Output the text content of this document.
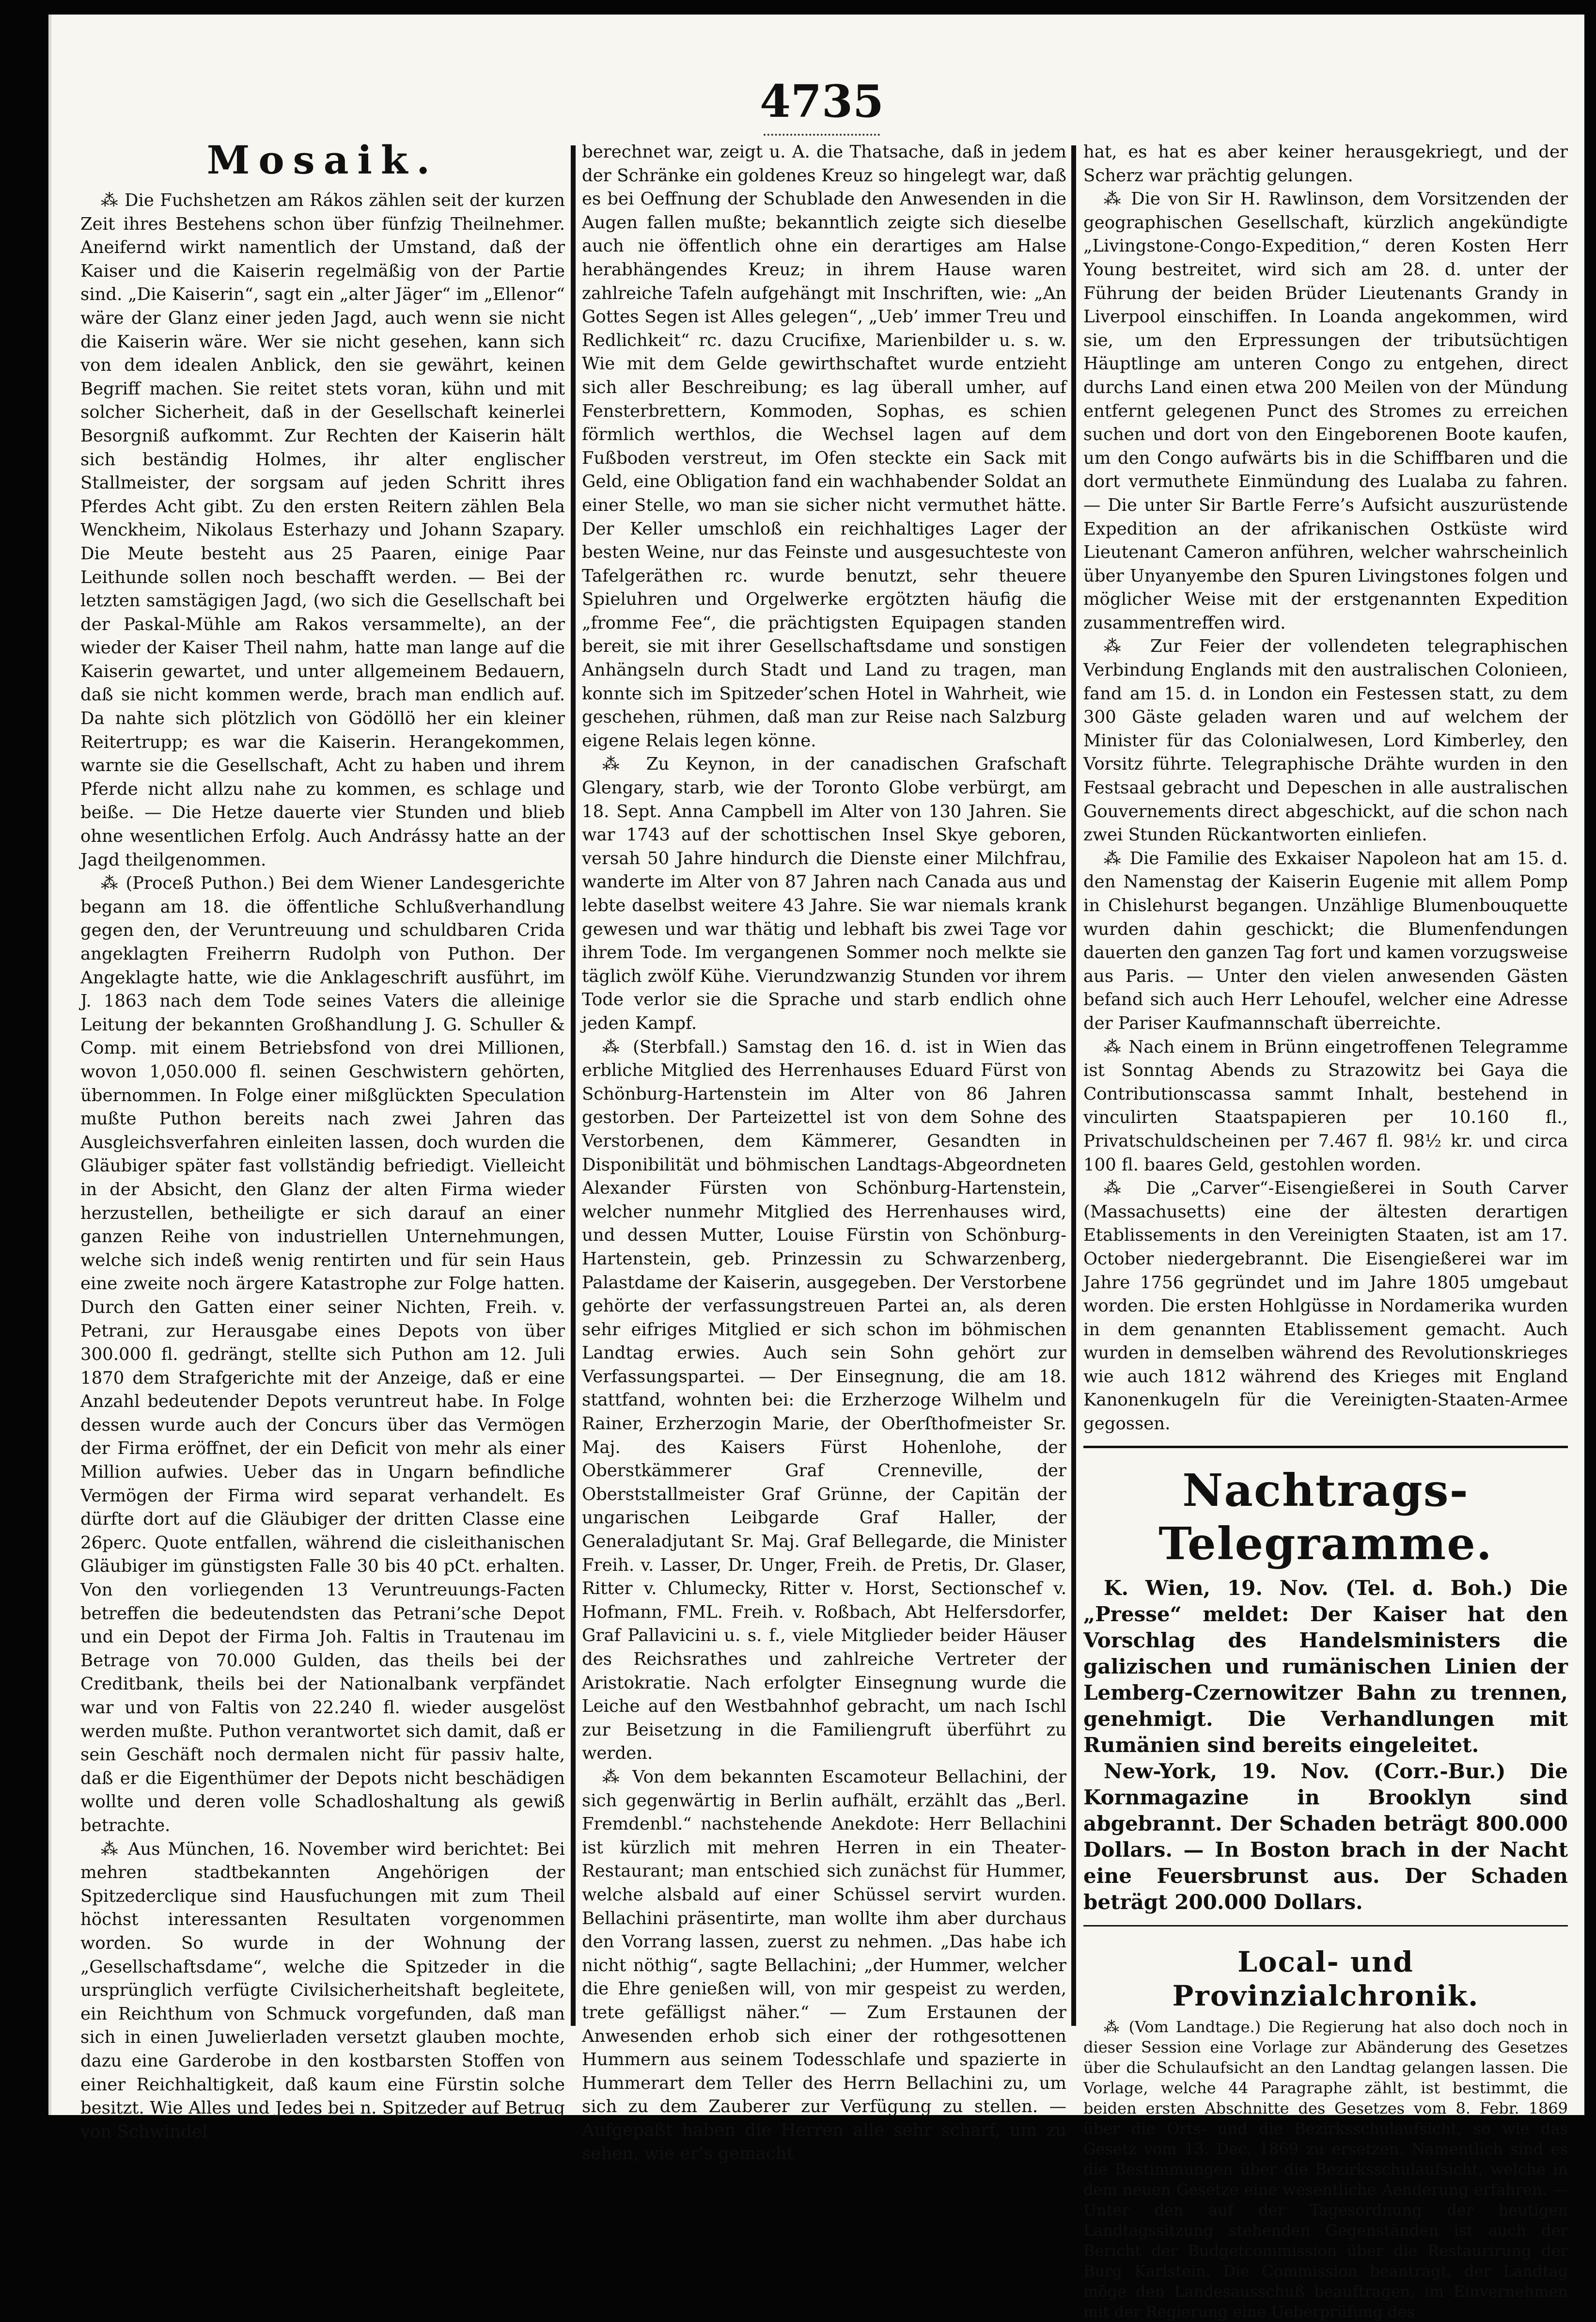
4735
Mosaik.

⁂ Die Fuchshetzen am Rákos zählen seit der kurzen Zeit ihres Bestehens schon über fünfzig Theilnehmer. Aneifernd wirkt namentlich der Umstand, daß der Kaiser und die Kaiserin regelmäßig von der Partie sind. „Die Kaiserin“, sagt ein „alter Jäger“ im „Ellenor“ wäre der Glanz einer jeden Jagd, auch wenn sie nicht die Kaiserin wäre. Wer sie nicht gesehen, kann sich von dem idealen Anblick, den sie gewährt, keinen Begriff machen. Sie reitet stets voran, kühn und mit solcher Sicherheit, daß in der Gesellschaft keinerlei Besorgniß aufkommt. Zur Rechten der Kaiserin hält sich beständig Holmes, ihr alter englischer Stallmeister, der sorgsam auf jeden Schritt ihres Pferdes Acht gibt. Zu den ersten Reitern zählen Bela Wenckheim, Nikolaus Esterhazy und Johann Szapary. Die Meute besteht aus 25 Paaren, einige Paar Leithunde sollen noch beschafft werden. — Bei der letzten samstägigen Jagd, (wo sich die Gesellschaft bei der Paskal-Mühle am Rakos versammelte), an der wieder der Kaiser Theil nahm, hatte man lange auf die Kaiserin gewartet, und unter allgemeinem Bedauern, daß sie nicht kommen werde, brach man endlich auf. Da nahte sich plötzlich von Gödöllö her ein kleiner Reitertrupp; es war die Kaiserin. Herangekommen, warnte sie die Gesellschaft, Acht zu haben und ihrem Pferde nicht allzu nahe zu kommen, es schlage und beiße. — Die Hetze dauerte vier Stunden und blieb ohne wesentlichen Erfolg. Auch Andrássy hatte an der Jagd theilgenommen.

⁂ (Proceß Puthon.) Bei dem Wiener Landesgerichte begann am 18. die öffentliche Schlußverhandlung gegen den, der Veruntreuung und schuldbaren Crida angeklagten Freiherrn Rudolph von Puthon. Der Angeklagte hatte, wie die Anklageschrift ausführt, im J. 1863 nach dem Tode seines Vaters die alleinige Leitung der bekannten Großhandlung J. G. Schuller & Comp. mit einem Betriebsfond von drei Millionen, wovon 1,050.000 fl. seinen Geschwistern gehörten, übernommen. In Folge einer mißglückten Speculation mußte Puthon bereits nach zwei Jahren das Ausgleichsverfahren einleiten lassen, doch wurden die Gläubiger später fast vollständig befriedigt. Vielleicht in der Absicht, den Glanz der alten Firma wieder herzustellen, betheiligte er sich darauf an einer ganzen Reihe von industriellen Unternehmungen, welche sich indeß wenig rentirten und für sein Haus eine zweite noch ärgere Katastrophe zur Folge hatten. Durch den Gatten einer seiner Nichten, Freih. v. Petrani, zur Herausgabe eines Depots von über 300.000 fl. gedrängt, stellte sich Puthon am 12. Juli 1870 dem Strafgerichte mit der Anzeige, daß er eine Anzahl bedeutender Depots veruntreut habe. In Folge dessen wurde auch der Concurs über das Vermögen der Firma eröffnet, der ein Deficit von mehr als einer Million aufwies. Ueber das in Ungarn befindliche Vermögen der Firma wird separat verhandelt. Es dürfte dort auf die Gläubiger der dritten Classe eine 26perc. Quote entfallen, während die cisleithanischen Gläubiger im günstigsten Falle 30 bis 40 pCt. erhalten. Von den vorliegenden 13 Veruntreuungs-Facten betreffen die bedeutendsten das Petrani’sche Depot und ein Depot der Firma Joh. Faltis in Trautenau im Betrage von 70.000 Gulden, das theils bei der Creditbank, theils bei der Nationalbank verpfändet war und von Faltis von 22.240 fl. wieder ausgelöst werden mußte. Puthon verantwortet sich damit, daß er sein Geschäft noch dermalen nicht für passiv halte, daß er die Eigenthümer der Depots nicht beschädigen wollte und deren volle Schadloshaltung als gewiß betrachte.

⁂ Aus München, 16. November wird berichtet: Bei mehren stadtbekannten Angehörigen der Spitzederclique sind Hausfuchungen mit zum Theil höchst interessanten Resultaten vorgenommen worden. So wurde in der Wohnung der „Gesellschaftsdame“, welche die Spitzeder in die ursprünglich verfügte Civilsicherheitshaft begleitete, ein Reichthum von Schmuck vorgefunden, daß man sich in einen Juwelierladen versetzt glauben mochte, dazu eine Garderobe in den kostbarsten Stoffen von einer Reichhaltigkeit, daß kaum eine Fürstin solche besitzt. Wie Alles und Jedes bei n. Spitzeder auf Betrug von Schwindel

berechnet war, zeigt u. A. die Thatsache, daß in jedem der Schränke ein goldenes Kreuz so hingelegt war, daß es bei Oeffnung der Schublade den Anwesenden in die Augen fallen mußte; bekanntlich zeigte sich dieselbe auch nie öffentlich ohne ein derartiges am Halse herabhängendes Kreuz; in ihrem Hause waren zahlreiche Tafeln aufgehängt mit Inschriften, wie: „An Gottes Segen ist Alles gelegen“, „Ueb’ immer Treu und Redlichkeit“ rc. dazu Crucifixe, Marienbilder u. s. w. Wie mit dem Gelde gewirthschaftet wurde entzieht sich aller Beschreibung; es lag überall umher, auf Fensterbrettern, Kommoden, Sophas, es schien förmlich werthlos, die Wechsel lagen auf dem Fußboden verstreut, im Ofen steckte ein Sack mit Geld, eine Obligation fand ein wachhabender Soldat an einer Stelle, wo man sie sicher nicht vermuthet hätte. Der Keller umschloß ein reichhaltiges Lager der besten Weine, nur das Feinste und ausgesuchteste von Tafelgeräthen rc. wurde benutzt, sehr theuere Spieluhren und Orgelwerke ergötzten häufig die „fromme Fee“, die prächtigsten Equipagen standen bereit, sie mit ihrer Gesellschaftsdame und sonstigen Anhängseln durch Stadt und Land zu tragen, man konnte sich im Spitzeder’schen Hotel in Wahrheit, wie geschehen, rühmen, daß man zur Reise nach Salzburg eigene Relais legen könne.

⁂ Zu Keynon, in der canadischen Grafschaft Glengary, starb, wie der Toronto Globe verbürgt, am 18. Sept. Anna Campbell im Alter von 130 Jahren. Sie war 1743 auf der schottischen Insel Skye geboren, versah 50 Jahre hindurch die Dienste einer Milchfrau, wanderte im Alter von 87 Jahren nach Canada aus und lebte daselbst weitere 43 Jahre. Sie war niemals krank gewesen und war thätig und lebhaft bis zwei Tage vor ihrem Tode. Im vergangenen Sommer noch melkte sie täglich zwölf Kühe. Vierundzwanzig Stunden vor ihrem Tode verlor sie die Sprache und starb endlich ohne jeden Kampf.

⁂ (Sterbfall.) Samstag den 16. d. ist in Wien das erbliche Mitglied des Herrenhauses Eduard Fürst von Schönburg-Hartenstein im Alter von 86 Jahren gestorben. Der Parteizettel ist von dem Sohne des Verstorbenen, dem Kämmerer, Gesandten in Disponibilität und böhmischen Landtags-Abgeordneten Alexander Fürsten von Schönburg-Hartenstein, welcher nunmehr Mitglied des Herrenhauses wird, und dessen Mutter, Louise Fürstin von Schönburg-Hartenstein, geb. Prinzessin zu Schwarzenberg, Palastdame der Kaiserin, ausgegeben. Der Verstorbene gehörte der verfassungstreuen Partei an, als deren sehr eifriges Mitglied er sich schon im böhmischen Landtag erwies. Auch sein Sohn gehört zur Verfassungspartei. — Der Einsegnung, die am 18. stattfand, wohnten bei: die Erzherzoge Wilhelm und Rainer, Erzherzogin Marie, der Oberſthofmeister Sr. Maj. des Kaisers Fürst Hohenlohe, der Oberstkämmerer Graf Crenneville, der Oberststallmeister Graf Grünne, der Capitän der ungarischen Leibgarde Graf Haller, der Generaladjutant Sr. Maj. Graf Bellegarde, die Minister Freih. v. Lasser, Dr. Unger, Freih. de Pretis, Dr. Glaser, Ritter v. Chlumecky, Ritter v. Horst, Sectionschef v. Hofmann, FML. Freih. v. Roßbach, Abt Helfersdorfer, Graf Pallavicini u. s. f., viele Mitglieder beider Häuser des Reichsrathes und zahlreiche Vertreter der Aristokratie. Nach erfolgter Einsegnung wurde die Leiche auf den Westbahnhof gebracht, um nach Ischl zur Beisetzung in die Familiengruft überführt zu werden.

⁂ Von dem bekannten Escamoteur Bellachini, der sich gegenwärtig in Berlin aufhält, erzählt das „Berl. Fremdenbl.“ nachstehende Anekdote: Herr Bellachini ist kürzlich mit mehren Herren in ein Theater-Restaurant; man entschied sich zunächst für Hummer, welche alsbald auf einer Schüssel servirt wurden. Bellachini präsentirte, man wollte ihm aber durchaus den Vorrang lassen, zuerst zu nehmen. „Das habe ich nicht nöthig“, sagte Bellachini; „der Hummer, welcher die Ehre genießen will, von mir gespeist zu werden, trete gefälligst näher.“ — Zum Erstaunen der Anwesenden erhob sich einer der rothgesottenen Hummern aus seinem Todesschlafe und spazierte in Hummerart dem Teller des Herrn Bellachini zu, um sich zu dem Zauberer zur Verfügung zu stellen. — Aufgepaßt haben die Herren alle sehr scharf, um zu sehen, wie er’s gemacht

hat, es hat es aber keiner herausgekriegt, und der Scherz war prächtig gelungen.

⁂ Die von Sir H. Rawlinson, dem Vorsitzenden der geographischen Gesellschaft, kürzlich angekündigte „Livingstone-Congo-Expedition,“ deren Kosten Herr Young bestreitet, wird sich am 28. d. unter der Führung der beiden Brüder Lieutenants Grandy in Liverpool einschiffen. In Loanda angekommen, wird sie, um den Erpressungen der tributsüchtigen Häuptlinge am unteren Congo zu entgehen, direct durchs Land einen etwa 200 Meilen von der Mündung entfernt gelegenen Punct des Stromes zu erreichen suchen und dort von den Eingeborenen Boote kaufen, um den Congo aufwärts bis in die Schiffbaren und die dort vermuthete Einmündung des Lualaba zu fahren. — Die unter Sir Bartle Ferre’s Aufsicht auszurüstende Expedition an der afrikanischen Ostküste wird Lieutenant Cameron anführen, welcher wahrscheinlich über Unyanyembe den Spuren Livingstones folgen und möglicher Weise mit der erstgenannten Expedition zusammentreffen wird.

⁂ Zur Feier der vollendeten telegraphischen Verbindung Englands mit den australischen Colonieen, fand am 15. d. in London ein Festessen statt, zu dem 300 Gäste geladen waren und auf welchem der Minister für das Colonialwesen, Lord Kimberley, den Vorsitz führte. Telegraphische Drähte wurden in den Festsaal gebracht und Depeschen in alle australischen Gouvernements direct abgeschickt, auf die schon nach zwei Stunden Rückantworten einliefen.

⁂ Die Familie des Exkaiser Napoleon hat am 15. d. den Namenstag der Kaiserin Eugenie mit allem Pomp in Chislehurst begangen. Unzählige Blumenbouquette wurden dahin geschickt; die Blumenfendungen dauerten den ganzen Tag fort und kamen vorzugsweise aus Paris. — Unter den vielen anwesenden Gästen befand sich auch Herr Lehoufel, welcher eine Adresse der Pariser Kaufmannschaft überreichte.

⁂ Nach einem in Brünn eingetroffenen Telegramme ist Sonntag Abends zu Strazowitz bei Gaya die Contributionscassa sammt Inhalt, bestehend in vinculirten Staatspapieren per 10.160 fl., Privatschuldscheinen per 7.467 fl. 98½ kr. und circa 100 fl. baares Geld, gestohlen worden.

⁂ Die „Carver“-Eisengießerei in South Carver (Massachusetts) eine der ältesten derartigen Etablissements in den Vereinigten Staaten, ist am 17. October niedergebrannt. Die Eisengießerei war im Jahre 1756 gegründet und im Jahre 1805 umgebaut worden. Die ersten Hohlgüsse in Nordamerika wurden in dem genannten Etablissement gemacht. Auch wurden in demselben während des Revolutionskrieges wie auch 1812 während des Krieges mit England Kanonenkugeln für die Vereinigten-Staaten-Armee gegossen.

Nachtrags-Telegramme.

K. Wien, 19. Nov. (Tel. d. Boh.) Die „Presse“ meldet: Der Kaiser hat den Vorschlag des Handelsministers die galizischen und rumänischen Linien der Lemberg-Czernowitzer Bahn zu trennen, genehmigt. Die Verhandlungen mit Rumänien sind bereits eingeleitet.

New-York, 19. Nov. (Corr.-Bur.) Die Kornmagazine in Brooklyn sind abgebrannt. Der Schaden beträgt 800.000 Dollars. — In Boston brach in der Nacht eine Feuersbrunst aus. Der Schaden beträgt 200.000 Dollars.

Local- und Provinzialchronik.

⁂ (Vom Landtage.) Die Regierung hat also doch noch in dieser Session eine Vorlage zur Abänderung des Gesetzes über die Schulaufsicht an den Landtag gelangen lassen. Die Vorlage, welche 44 Paragraphe zählt, ist bestimmt, die beiden ersten Abschnitte des Gesetzes vom 8. Febr. 1869 über die Orts- und die Bezirksschulaufsicht, so wie das Gesetz vom 13. Dec. 1869 zu ersetzen. Namentlich sind es die Bestimmungen über die Bezirksschulaufsicht, welche in dem neuen Gesetze eine wesentliche Aenderung erfahren. — Unter den auf der Tagesordnung der heutigen Landtagssitzung stehenden Gegenständen ist auch der Bericht der Budgetcommission über die Restaurirung der Burg Karlstein. Die Commission beantragt, der Landtag möge den Landesausschuß beauftragen, im Einvernehmen mit der Regierung eine Ueberprüfung des
